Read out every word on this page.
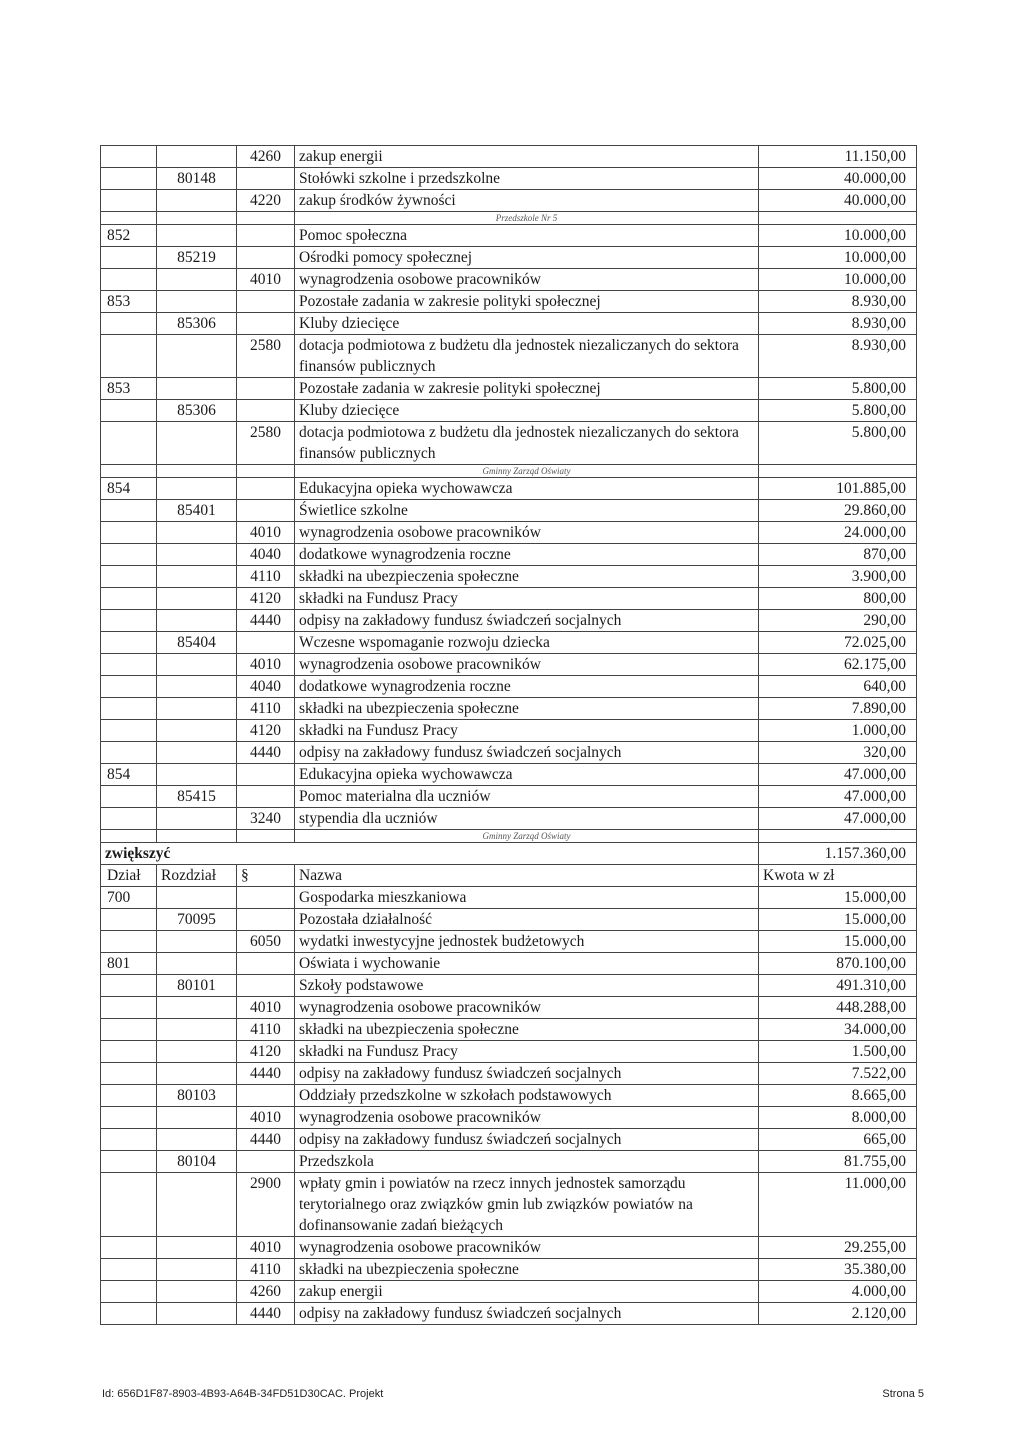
		4260	zakup energii	11.150,00
	80148		Stołówki szkolne i przedszkolne	40.000,00
		4220	zakup środków żywności	40.000,00
			Przedszkole Nr 5	
852			Pomoc społeczna	10.000,00
	85219		Ośrodki pomocy społecznej	10.000,00
		4010	wynagrodzenia osobowe pracowników	10.000,00
853			Pozostałe zadania w zakresie polityki społecznej	8.930,00
	85306		Kluby dziecięce	8.930,00
		2580	dotacja podmiotowa z budżetu dla jednostek niezaliczanych do sektora finansów publicznych	8.930,00
853			Pozostałe zadania w zakresie polityki społecznej	5.800,00
	85306		Kluby dziecięce	5.800,00
		2580	dotacja podmiotowa z budżetu dla jednostek niezaliczanych do sektora finansów publicznych	5.800,00
			Gminny Zarząd Oświaty	
854			Edukacyjna opieka wychowawcza	101.885,00
	85401		Świetlice szkolne	29.860,00
		4010	wynagrodzenia osobowe pracowników	24.000,00
		4040	dodatkowe wynagrodzenia roczne	870,00
		4110	składki na ubezpieczenia społeczne	3.900,00
		4120	składki na Fundusz Pracy	800,00
		4440	odpisy na zakładowy fundusz świadczeń socjalnych	290,00
	85404		Wczesne wspomaganie rozwoju dziecka	72.025,00
		4010	wynagrodzenia osobowe pracowników	62.175,00
		4040	dodatkowe wynagrodzenia roczne	640,00
		4110	składki na ubezpieczenia społeczne	7.890,00
		4120	składki na Fundusz Pracy	1.000,00
		4440	odpisy na zakładowy fundusz świadczeń socjalnych	320,00
854			Edukacyjna opieka wychowawcza	47.000,00
	85415		Pomoc materialna dla uczniów	47.000,00
		3240	stypendia dla uczniów	47.000,00
			Gminny Zarząd Oświaty	
zwiększyć				1.157.360,00
Dział	Rozdział	§	Nazwa	Kwota w zł
700			Gospodarka mieszkaniowa	15.000,00
	70095		Pozostała działalność	15.000,00
		6050	wydatki inwestycyjne jednostek budżetowych	15.000,00
801			Oświata i wychowanie	870.100,00
	80101		Szkoły podstawowe	491.310,00
		4010	wynagrodzenia osobowe pracowników	448.288,00
		4110	składki na ubezpieczenia społeczne	34.000,00
		4120	składki na Fundusz Pracy	1.500,00
		4440	odpisy na zakładowy fundusz świadczeń socjalnych	7.522,00
	80103		Oddziały przedszkolne w szkołach podstawowych	8.665,00
		4010	wynagrodzenia osobowe pracowników	8.000,00
		4440	odpisy na zakładowy fundusz świadczeń socjalnych	665,00
	80104		Przedszkola	81.755,00
		2900	wpłaty gmin i powiatów na rzecz innych jednostek samorządu terytorialnego oraz związków gmin lub związków powiatów na dofinansowanie zadań bieżących	11.000,00
		4010	wynagrodzenia osobowe pracowników	29.255,00
		4110	składki na ubezpieczenia społeczne	35.380,00
		4260	zakup energii	4.000,00
		4440	odpisy na zakładowy fundusz świadczeń socjalnych	2.120,00
Id: 656D1F87-8903-4B93-A64B-34FD51D30CAC. Projekt	Strona 5
